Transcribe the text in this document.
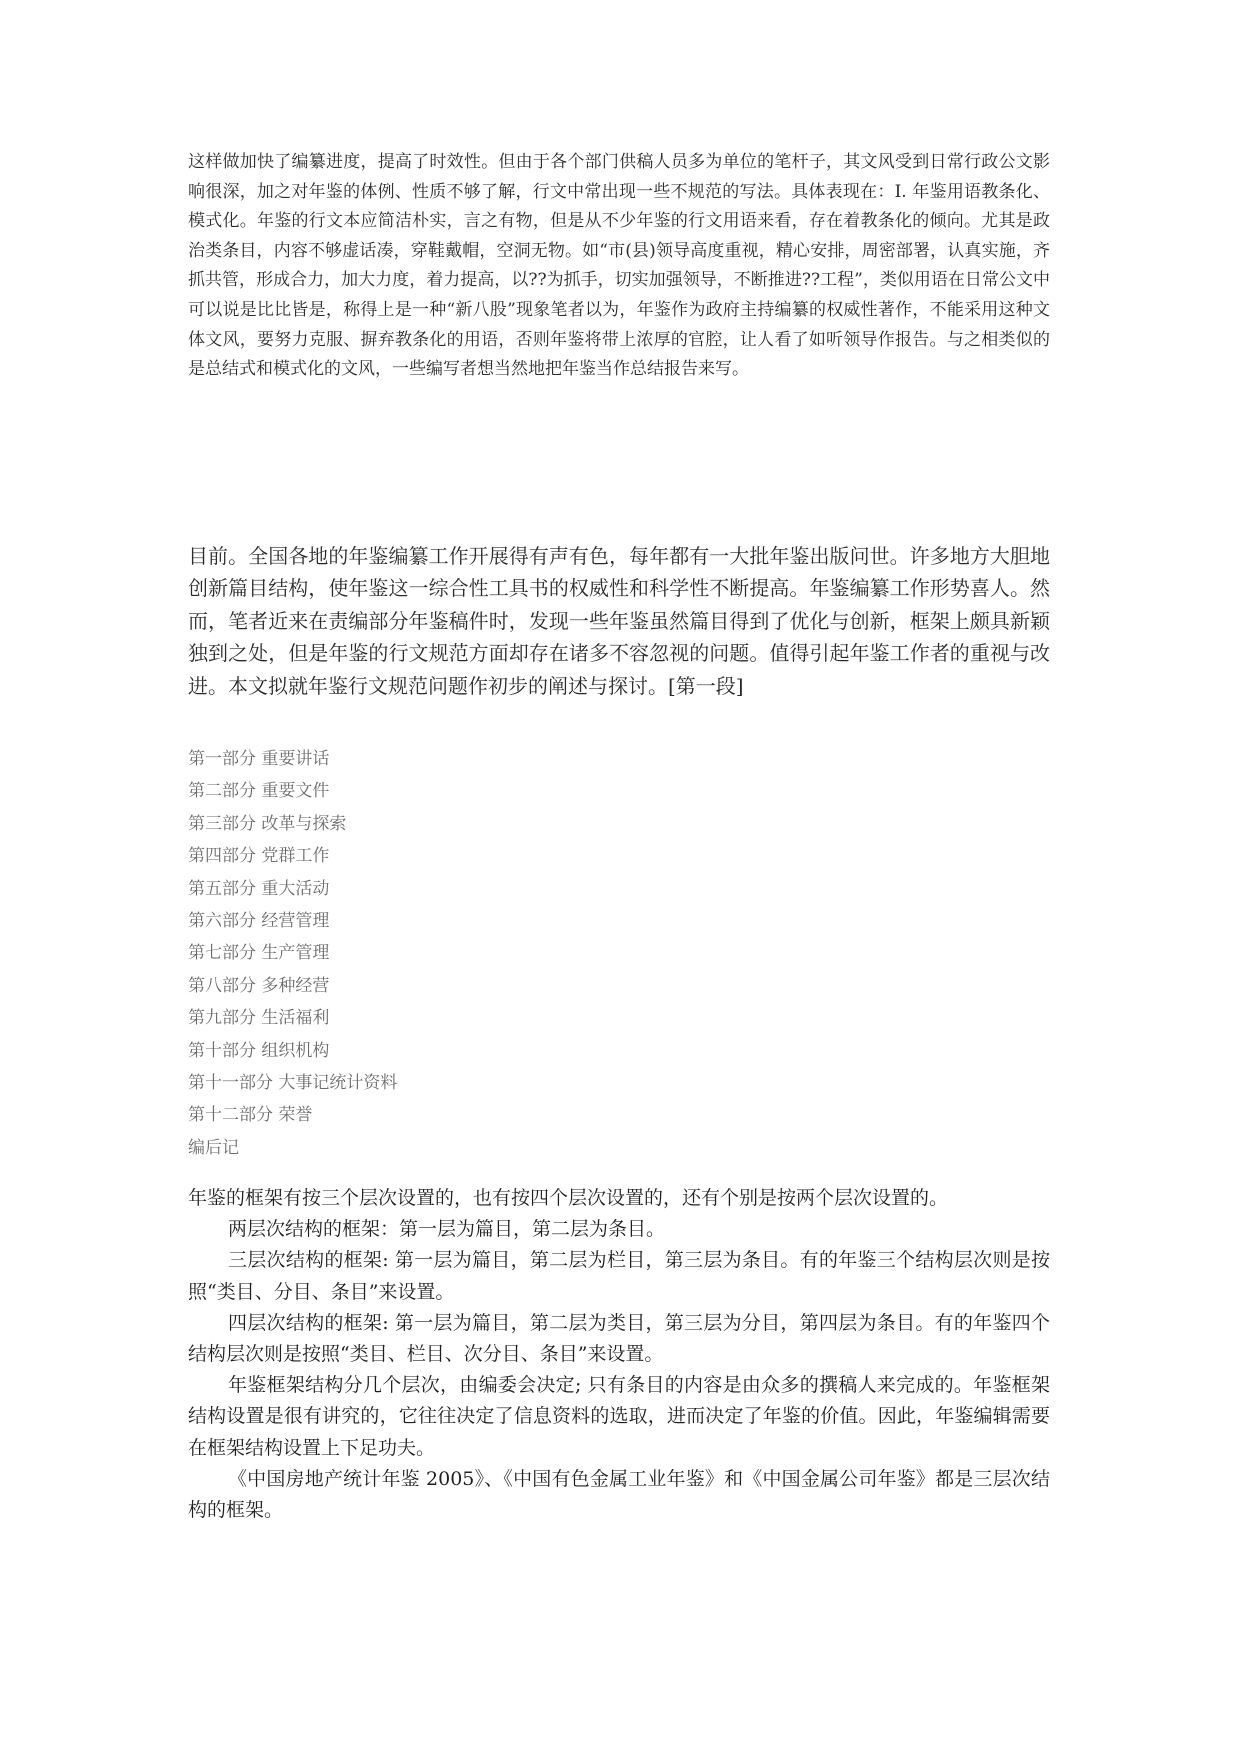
这样做加快了编纂进度，提高了时效性。但由于各个部门供稿人员多为单位的笔杆子，其文风受到日常行政公文影响很深，加之对年鉴的体例、性质不够了解，行文中常出现一些不规范的写法。具体表现在：I. 年鉴用语教条化、模式化。年鉴的行文本应简洁朴实，言之有物，但是从不少年鉴的行文用语来看，存在着教条化的倾向。尤其是政治类条目，内容不够虚话凑，穿鞋戴帽，空洞无物。如“市(县)领导高度重视，精心安排，周密部署，认真实施，齐抓共管，形成合力，加大力度，着力提高，以??为抓手，切实加强领导，不断推进??工程”，类似用语在日常公文中可以说是比比皆是，称得上是一种“新八股”现象笔者以为，年鉴作为政府主持编纂的权威性著作，不能采用这种文体文风，要努力克服、摒弃教条化的用语，否则年鉴将带上浓厚的官腔，让人看了如听领导作报告。与之相类似的是总结式和模式化的文风，一些编写者想当然地把年鉴当作总结报告来写。

目前。全国各地的年鉴编纂工作开展得有声有色，每年都有一大批年鉴出版问世。许多地方大胆地创新篇目结构，使年鉴这一综合性工具书的权威性和科学性不断提高。年鉴编纂工作形势喜人。然而，笔者近来在责编部分年鉴稿件时，发现一些年鉴虽然篇目得到了优化与创新，框架上颇具新颖独到之处，但是年鉴的行文规范方面却存在诸多不容忽视的问题。值得引起年鉴工作者的重视与改进。本文拟就年鉴行文规范问题作初步的阐述与探讨。[第一段]

第一部分 重要讲话
第二部分 重要文件
第三部分 改革与探索
第四部分 党群工作
第五部分 重大活动
第六部分 经营管理
第七部分 生产管理
第八部分 多种经营
第九部分 生活福利
第十部分 组织机构
第十一部分 大事记统计资料
第十二部分 荣誉
编后记

年鉴的框架有按三个层次设置的，也有按四个层次设置的，还有个别是按两个层次设置的。

两层次结构的框架：第一层为篇目，第二层为条目。

三层次结构的框架: 第一层为篇目，第二层为栏目，第三层为条目。有的年鉴三个结构层次则是按照“类目、分目、条目”来设置。

四层次结构的框架: 第一层为篇目，第二层为类目，第三层为分目，第四层为条目。有的年鉴四个结构层次则是按照“类目、栏目、次分目、条目”来设置。

年鉴框架结构分几个层次，由编委会决定; 只有条目的内容是由众多的撰稿人来完成的。年鉴框架结构设置是很有讲究的，它往往决定了信息资料的选取，进而决定了年鉴的价值。因此，年鉴编辑需要在框架结构设置上下足功夫。

《中国房地产统计年鉴 2005》、《中国有色金属工业年鉴》和《中国金属公司年鉴》都是三层次结构的框架。
